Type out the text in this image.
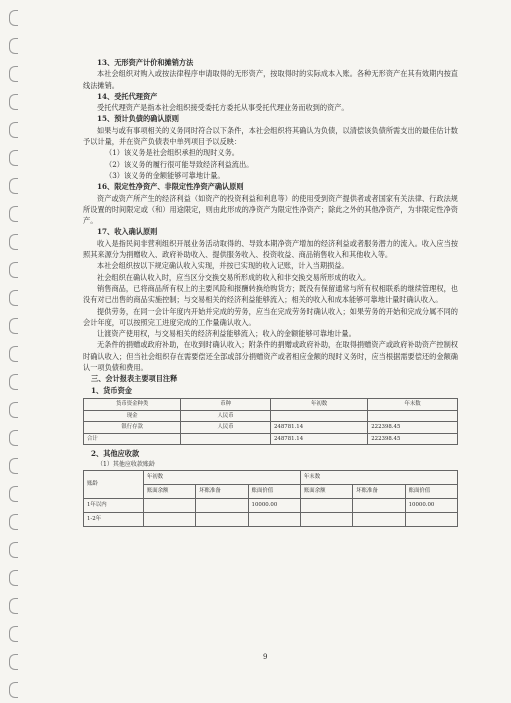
13、无形资产计价和摊销方法
本社会组织对购入或按法律程序申请取得的无形资产，按取得时的实际成本入账。各种无形资产在其有效期内按直线法摊销。
14、受托代理资产
受托代理资产是指本社会组织接受委托方委托从事受托代理业务而收到的资产。
15、预计负债的确认原则
如果与或有事项相关的义务同时符合以下条件，本社会组织将其确认为负债，以清偿该负债所需支出的最佳估计数予以计量，并在资产负债表中单列项目予以反映：
（1）该义务是社会组织承担的现时义务。
（2）该义务的履行很可能导致经济利益流出。
（3）该义务的金额能够可靠地计量。
16、限定性净资产、非限定性净资产确认原则
资产或资产所产生的经济利益（如资产的投资利益和利息等）的使用受到资产提供者或者国家有关法律、行政法规所设置的时间限定或（和）用途限定，则由此形成的净资产为限定性净资产；除此之外的其他净资产，为非限定性净资产。
17、收入确认原则
收入是指民间非营利组织开展业务活动取得的、导致本期净资产增加的经济利益或者服务潜力的流入。收入应当按照其来源分为捐赠收入、政府补助收入、提供服务收入、投资收益、商品销售收入和其他收入等。
本社会组织按以下规定确认收入实现，并按已实现的收入记账，计入当期损益。
社会组织在确认收入时，应当区分交换交易所形成的收入和非交换交易所形成的收入。
销售商品，已将商品所有权上的主要风险和报酬转换给购货方；既没有保留通常与所有权相联系的继续管理权，也没有对已出售的商品实施控制；与交易相关的经济利益能够流入；相关的收入和成本能够可靠地计量时确认收入。
提供劳务，在同一会计年度内开始并完成的劳务，应当在完成劳务时确认收入；如果劳务的开始和完成分属不同的会计年度，可以按照完工进度完成的工作量确认收入。
让渡资产使用权，与交易相关的经济利益能够流入；收入的金额能够可靠地计量。
无条件的捐赠或政府补助，在收到时确认收入；附条件的捐赠或政府补助，在取得捐赠资产或政府补助资产控制权时确认收入；但当社会组织存在需要偿还全部或部分捐赠资产或者相应金额的现时义务时，应当根据需要偿还的金额确认一项负债和费用。
三、会计报表主要项目注释
1、货币资金
货币资金种类	币种	年初数	年末数
现金	人民币		
银行存款	人民币	248781.14	222398.45
合计		248781.14	222398.45
2、其他应收款
（1）其他应收款账龄
账龄	年初数			年末数		
	账面余额	坏账准备	账面价值	账面余额	坏账准备	账面价值
1年以内			10000.00			10000.00
1-2年						
9
